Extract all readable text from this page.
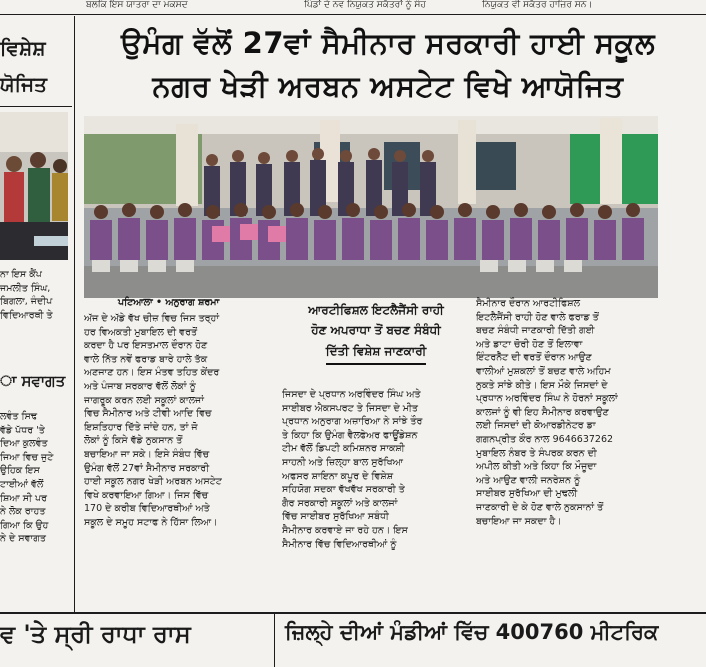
ਬਲਕਿ ਇਸ ਯਾਤਰਾ ਦਾ ਮਕਸਦ	ਪਿੰਡਾਂ ਦੇ ਨਵ ਨਿਯੁਕਤ ਸਕੱਤਰਾਂ ਨੂੰ ਸੰਹ	ਨਿਯੁਕਤ ਵੀ ਸਕੱਤਰ ਹਾਜ਼ਿਰ ਸਨ।
ਵਿਸ਼ੇਸ਼
ਯੋਜਿਤ
ਨਾ ਇਸ ਕੈਂਪ
ਜਮਲੀਤ ਸਿੰਘ,
ਬਿਗਲਾ, ਜੰਦੀਪ
ਵਿਦਿਆਰਥੀ ਤੇ
ਾ ਸਵਾਗਤ
ਲਵੰਤ ਸਿਢ
ਵੱਡੇ ਪੱਧਰ 'ਤੇ
ਦਿਆ ਕੁਲਵੰਤ
ਜਿਆ ਵਿਚ ਜੁਟੇ
ਉਹਿਕ ਇਸ
ਟਾਈਆਂ ਵੱਲੋਂ
ਸ਼ਿਆ ਸੀ ਪਰ
ਨੇ ਲੋਕ ਰਾਹਤ
ਗਿਆ ਕਿ ਉਹ
ਨੇ ਦੇ ਸਵਾਗਤ
ਉਮੰਗ ਵੱਲੋਂ 27ਵਾਂ ਸੈਮੀਨਾਰ ਸਰਕਾਰੀ ਹਾਈ ਸਕੂਲ
ਨਗਰ ਖੇੜੀ ਅਰਬਨ ਅਸਟੇਟ ਵਿਖੇ ਆਯੋਜਿਤ
ਪਟਿਆਲਾ • ਅਨੁਰਾਗ ਸ਼ਰਮਾ
ਅੱਜ ਦੇ ਅੱਡੇ ਵੱਖ ਚੀਜ਼ ਵਿਚ ਜਿਸ ਤਰ੍ਹਾਂ
ਹਰ ਵਿਅਕਤੀ ਮੁਬਾਇਲ ਦੀ ਵਰਤੋਂ
ਕਰਦਾ ਹੈ ਪਰ ਇਸਤਮਾਲ ਦੌਰਾਨ ਹੋਣ
ਵਾਲੇ ਨਿੱਤ ਨਵੇਂ ਫਰਾਡ ਬਾਰੇ ਹਾਲੇ ਤੱਕ
ਅਣਜਾਣ ਹਨ। ਇਸ ਮੰਤਵ ਤਹਿਤ ਕੇਂਦਰ
ਅਤੇ ਪੰਜਾਬ ਸਰਕਾਰ ਵੱਲੋਂ ਲੋਕਾਂ ਨੂੰ
ਜਾਗਰੂਕ ਕਰਨ ਲਈ ਸਕੂਲਾਂ ਕਾਲਜਾਂ
ਵਿਚ ਸੈਮੀਨਾਰ ਅਤੇ ਟੀਵੀ ਆਦਿ ਵਿਚ
ਇਸ਼ਤਿਹਾਰ ਦਿੱਤੇ ਜਾਂਦੇ ਹਨ, ਤਾਂ ਜੋ
ਲੋਕਾਂ ਨੂੰ ਕਿਸੇ ਵੱਡੇ ਨੁਕਸਾਨ ਤੋਂ
ਬਚਾਇਆ ਜਾ ਸਕੇ। ਇਸੇ ਸੰਬੰਧ ਵਿੱਚ
ਉਮੰਗ ਵੱਲੋਂ 27ਵਾਂ ਸੈਮੀਨਾਰ ਸਰਕਾਰੀ
ਹਾਈ ਸਕੂਲ ਨਗਰ ਖੇੜੀ ਅਰਬਨ ਅਸਟੇਟ
ਵਿਖੇ ਕਰਵਾਇਆ ਗਿਆ। ਜਿਸ ਵਿੱਚ
170 ਦੇ ਕਰੀਬ ਵਿਦਿਆਰਥੀਆਂ ਅਤੇ
ਸਕੂਲ ਦੇ ਸਮੂਹ ਸਟਾਫ ਨੇ ਹਿੱਸਾ ਲਿਆ।
ਆਰਟੀਫਿਸ਼ਲ ਇਟਲੈਜੈਂਸੀ ਰਾਹੀ
ਹੋਣ ਅਪਰਾਧਾ ਤੋਂ ਬਚਣ ਸੰਬੰਧੀ
ਦਿੱਤੀ ਵਿਸ਼ੇਸ਼ ਜਾਣਕਾਰੀ
ਜਿਸਦਾ ਦੇ ਪ੍ਰਧਾਨ ਅਰਵਿੰਦਰ ਸਿੰਘ ਅਤੇ
ਸਾਈਬਰ ਐਕਸਪਰਟ ਤੇ ਜਿਸਦਾ ਦੇ ਮੀਤ
ਪ੍ਰਧਾਨ ਅਨੁਰਾਗ ਅਜ਼ਾਰਿਆ ਨੇ ਸਾਂਝੇ ਤੌਰ
ਤੇ ਕਿਹਾ ਕਿ ਉਮੰਗ ਵੈਲਫੇਅਰ ਫਾਊਂਡੇਸ਼ਨ
ਟੀਮ ਵੱਲੋਂ ਡਿਪਟੀ ਕਮਿਸ਼ਨਰ ਸਾਕਸ਼ੀ
ਸਾਹਨੀ ਅਤੇ ਜ਼ਿਲ੍ਹਾ ਬਾਲ ਸੁਰੱਖਿਆ
ਅਫਸਰ ਸ਼ਾਇਨਾ ਕਪੂਰ ਦੇ ਵਿਸ਼ੇਸ਼
ਸਹਿਯੋਗ ਸਦਕਾ ਵੱਖਵੱਖ ਸਰਕਾਰੀ ਤੇ
ਗੈਰ ਸਰਕਾਰੀ ਸਕੂਲਾਂ ਅਤੇ ਕਾਲਜਾਂ
ਵਿੱਚ ਸਾਈਬਰ ਸੁਰੱਖਿਆ ਸਬੰਧੀ
ਸੈਮੀਨਾਰ ਕਰਵਾਏ ਜਾ ਰਹੇ ਹਨ। ਇਸ
ਸੈਮੀਨਾਰ ਵਿੱਚ ਵਿਦਿਆਰਥੀਆਂ ਨੂੰ
ਸੈਮੀਨਾਰ ਦੌਰਾਨ ਆਰਟੀਫਿਸ਼ਲ
ਇਟਲੈਜੈਂਸੀ ਰਾਹੀ ਹੋਣ ਵਾਲੇ ਫਰਾਡ ਤੋਂ
ਬਚਣ ਸੰਬੰਧੀ ਜਾਣਕਾਰੀ ਦਿੱਤੀ ਗਈ
ਅਤੇ ਡਾਟਾ ਚੋਰੀ ਹੋਣ ਤੋਂ ਇਲਾਵਾ
ਇੰਟਰਨੈੱਟ ਦੀ ਵਰਤੋਂ ਦੌਰਾਨ ਆਉਣ
ਵਾਲੀਆਂ ਮੁਸ਼ਕਲਾਂ ਤੋਂ ਬਚਣ ਵਾਲੇ ਅਹਿਮ
ਨੁਕਤੇ ਸਾਂਝੇ ਕੀਤੇ। ਇਸ ਮੌਕੇ ਜਿਸਦਾਂ ਦੇ
ਪ੍ਰਧਾਨ ਅਰਵਿੰਦਰ ਸਿੰਘ ਨੇ ਹੋਰਨਾਂ ਸਕੂਲਾਂ
ਕਾਲਜਾਂ ਨੂੰ ਵੀ ਇਹ ਸੈਮੀਨਾਰ ਕਰਵਾਉਣ
ਲਈ ਜਿਸਦਾਂ ਦੀ ਕੋਆਰਡੀਨੇਟਰ ਡਾ
ਗਗਨਪ੍ਰੀਤ ਕੌਰ ਨਾਲ 9646637262
ਮੁਬਾਇਲ ਨੰਬਰ ਤੇ ਸੰਪਰਕ ਕਰਨ ਦੀ
ਅਪੀਲ ਕੀਤੀ ਅਤੇ ਕਿਹਾ ਕਿ ਮੌਜੂਦਾ
ਅਤੇ ਆਉਣ ਵਾਲੀ ਜਨਰੇਸ਼ਨ ਨੂੰ
ਸਾਈਬਰ ਸੁਰੱਖਿਆ ਦੀ ਮੁਢਲੀ
ਜਾਣਕਾਰੀ ਦੇ ਕੇ ਹੋਣ ਵਾਲੇ ਨੁਕਸਾਨਾਂ ਤੋਂ
ਬਚਾਇਆ ਜਾ ਸਕਦਾ ਹੈ।
ਵ 'ਤੇ ਸ੍ਰੀ ਰਾਧਾ ਰਾਸ	ਜ਼ਿਲ੍ਹੇ ਦੀਆਂ ਮੰਡੀਆਂ ਵਿੱਚ 400760 ਮੀਟਰਿਕ
